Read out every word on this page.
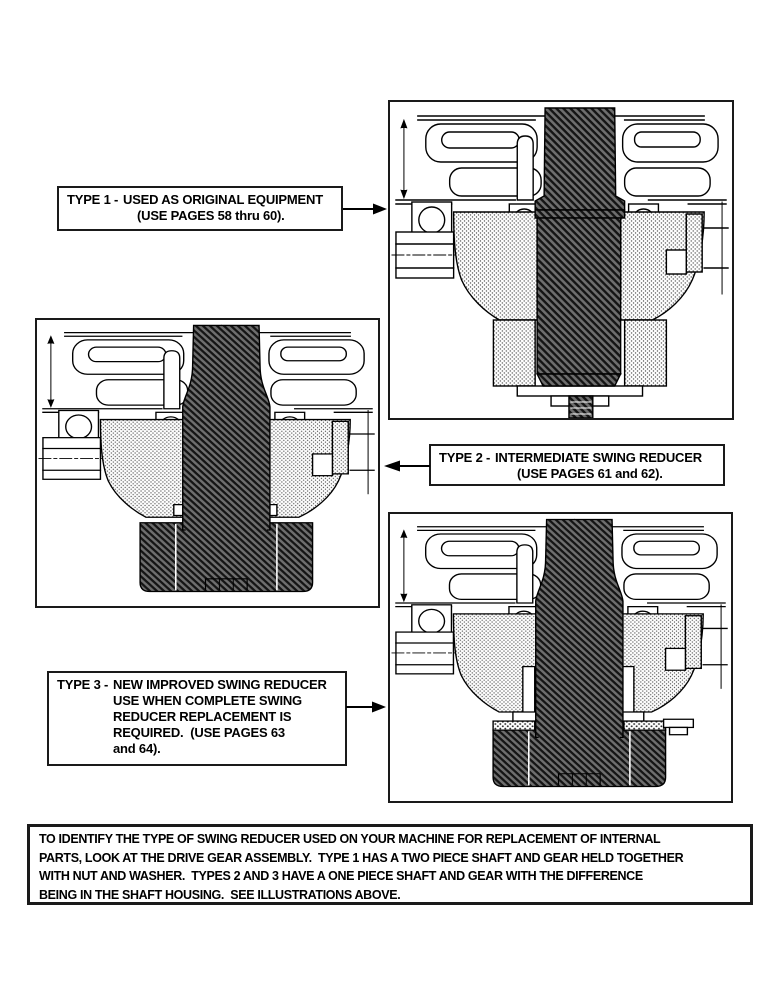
TYPE 1 - USED AS ORIGINAL EQUIPMENT
(USE PAGES 58 thru 60).
TYPE 2 - INTERMEDIATE SWING REDUCER
(USE PAGES 61 and 62).
TYPE 3 - NEW IMPROVED SWING REDUCER
USE WHEN COMPLETE SWING
REDUCER REPLACEMENT IS
REQUIRED.  (USE PAGES 63
and 64).
TO IDENTIFY THE TYPE OF SWING REDUCER USED ON YOUR MACHINE FOR REPLACEMENT OF INTERNAL
PARTS, LOOK AT THE DRIVE GEAR ASSEMBLY.  TYPE 1 HAS A TWO PIECE SHAFT AND GEAR HELD TOGETHER
WITH NUT AND WASHER.  TYPES 2 AND 3 HAVE A ONE PIECE SHAFT AND GEAR WITH THE DIFFERENCE
BEING IN THE SHAFT HOUSING.  SEE ILLUSTRATIONS ABOVE.
